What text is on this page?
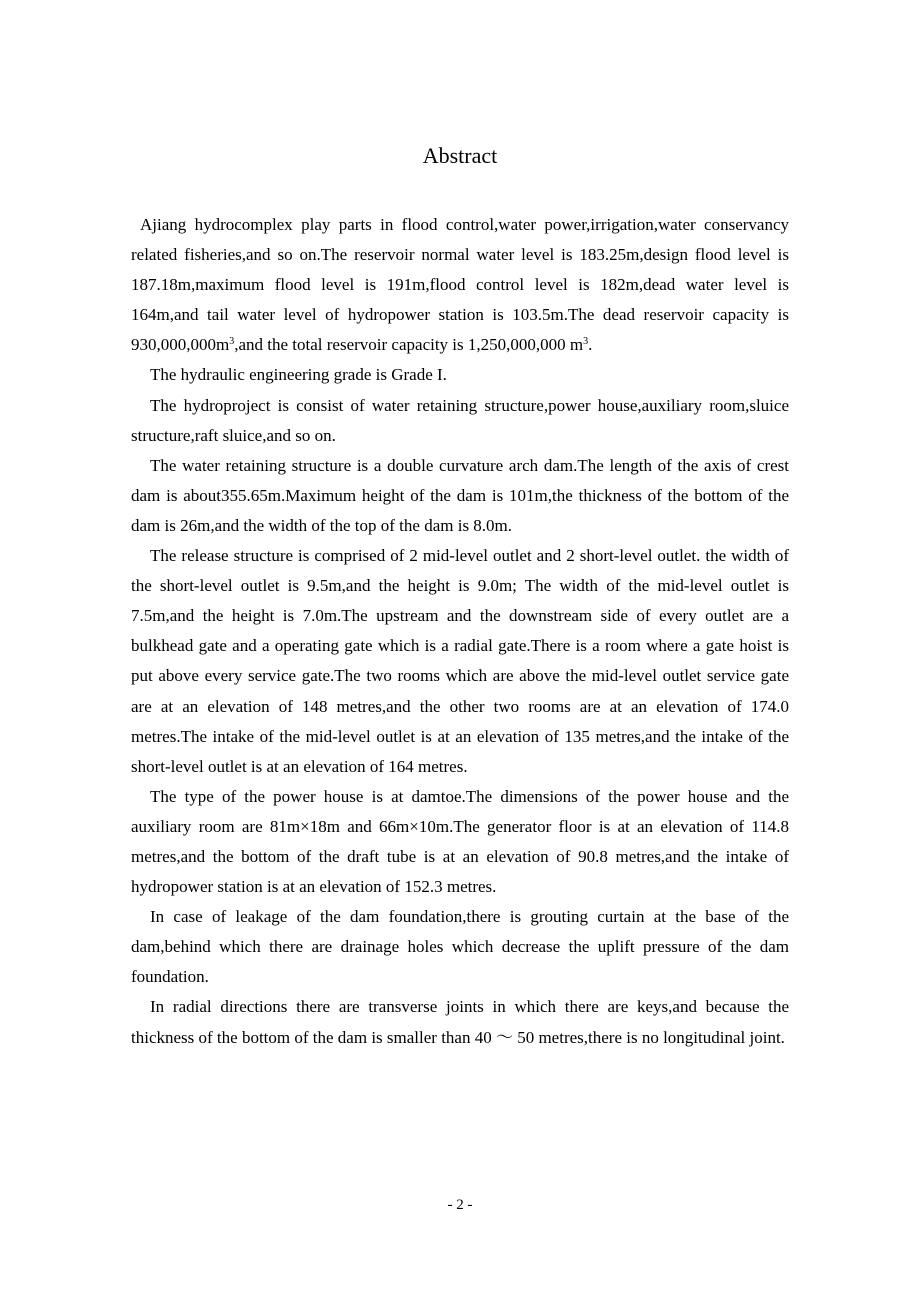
Abstract

Ajiang hydrocomplex play parts in flood control,water power,irrigation,water conservancy related fisheries,and so on.The reservoir normal water level is 183.25m,design flood level is 187.18m,maximum flood level is 191m,flood control level is 182m,dead water level is 164m,and tail water level of hydropower station is 103.5m.The dead reservoir capacity is $930,000,000m^3,and$ the total reservoir capacity is 1,250,000,000 $m^3$.

The hydraulic engineering grade is Grade I.

The hydroproject is consist of water retaining structure,power house,auxiliary room,sluice structure,raft sluice,and so on.

The water retaining structure is a double curvature arch dam.The length of the axis of crest dam is about355.65m.Maximum height of the dam is 101m,the thickness of the bottom of the dam is 26m,and the width of the top of the dam is 8.0m.

The release structure is comprised of 2 mid-level outlet and 2 short-level outlet. the width of the short-level outlet is 9.5m,and the height is 9.0m; The width of the mid-level outlet is 7.5m,and the height is 7.0m.The upstream and the downstream side of every outlet are a bulkhead gate and a operating gate which is a radial gate.There is a room where a gate hoist is put above every service gate.The two rooms which are above the mid-level outlet service gate are at an elevation of 148 metres,and the other two rooms are at an elevation of 174.0 metres.The intake of the mid-level outlet is at an elevation of 135 metres,and the intake of the short-level outlet is at an elevation of 164 metres.

The type of the power house is at damtoe.The dimensions of the power house and the auxiliary room are 81m×18m and 66m×10m.The generator floor is at an elevation of 114.8 metres,and the bottom of the draft tube is at an elevation of 90.8 metres,and the intake of hydropower station is at an elevation of 152.3 metres.

In case of leakage of the dam foundation,there is grouting curtain at the base of the dam,behind which there are drainage holes which decrease the uplift pressure of the dam foundation.

In radial directions there are transverse joints in which there are keys,and because the thickness of the bottom of the dam is smaller than 40 ～ 50 metres,there is no longitudinal joint.

- 2 -
